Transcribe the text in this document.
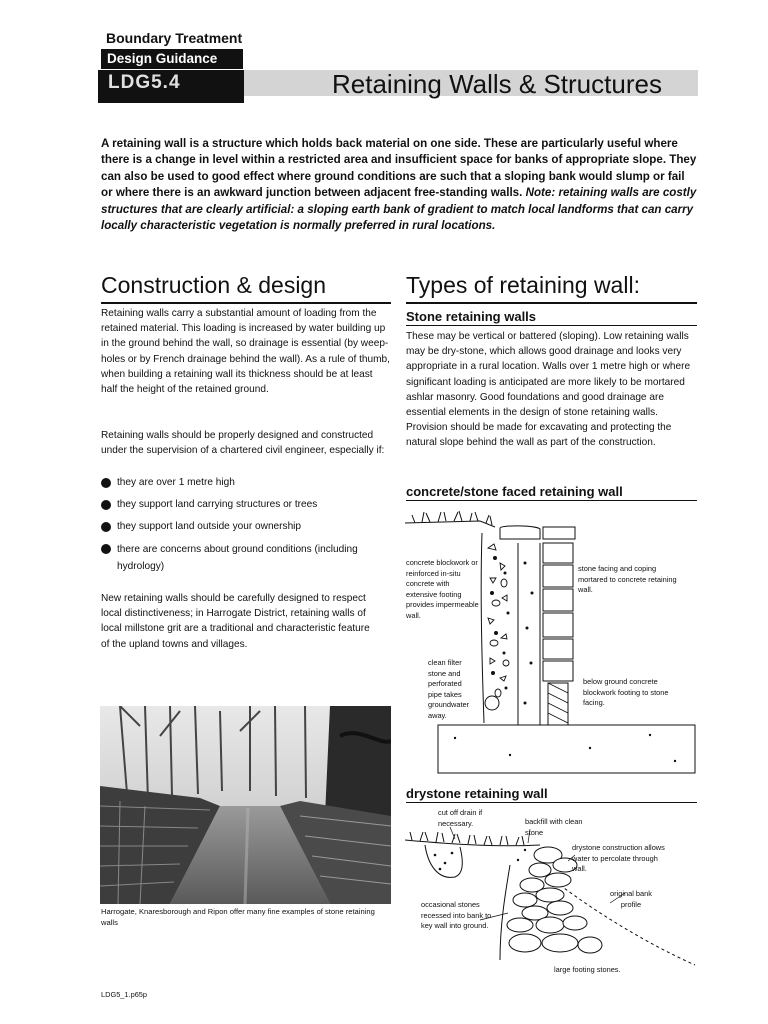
Boundary Treatment
Design Guidance
LDG5.4	Retaining Walls & Structures
A retaining wall is a structure which holds back material on one side. These are particularly useful where there is a change in level within a restricted area and insufficient space for banks of appropriate slope. They can also be used to good effect where ground conditions are such that a sloping bank would slump or fail or where there is an awkward junction between adjacent free-standing walls. Note: retaining walls are costly structures that are clearly artificial: a sloping earth bank of gradient to match local landforms that can carry locally characteristic vegetation is normally preferred in rural locations.
Construction & design
Retaining walls carry a substantial amount of loading from the retained material. This loading is increased by water building up in the ground behind the wall, so drainage is essential (by weep-holes or by French drainage behind the wall). As a rule of thumb, when building a retaining wall its thickness should be at least half the height of the retained ground.
Retaining walls should be properly designed and constructed under the supervision of a chartered civil engineer, especially if:
they are over 1 metre high
they support land carrying structures or trees
they support land outside your ownership
there are concerns about ground conditions (including hydrology)
New retaining walls should be carefully designed to respect local distinctiveness; in Harrogate District, retaining walls of local millstone grit are a traditional and characteristic feature of the upland towns and villages.
Harrogate, Knaresborough and Ripon offer many fine examples of stone retaining walls
Types of retaining wall:
Stone retaining walls
These may be vertical or battered (sloping). Low retaining walls may be dry-stone, which allows good drainage and looks very appropriate in a rural location. Walls over 1 metre high or where significant loading is anticipated are more likely to be mortared ashlar masonry. Good foundations and good drainage are essential elements in the design of stone retaining walls. Provision should be made for excavating and protecting the natural slope behind the wall as part of the construction.
concrete/stone faced retaining wall
concrete blockwork or reinforced in-situ concrete with extensive footing provides impermeable wall.
stone facing and coping mortared to concrete retaining wall.
clean filter stone and perforated pipe takes groundwater away.
below ground concrete blockwork footing to stone facing.
drystone retaining wall
cut off drain if necessary.	backfill with clean stone
drystone construction allows water to percolate through wall.
original bank profile
occasional stones recessed into bank to key wall into ground.
large footing stones.
LDG5_1.p65p
